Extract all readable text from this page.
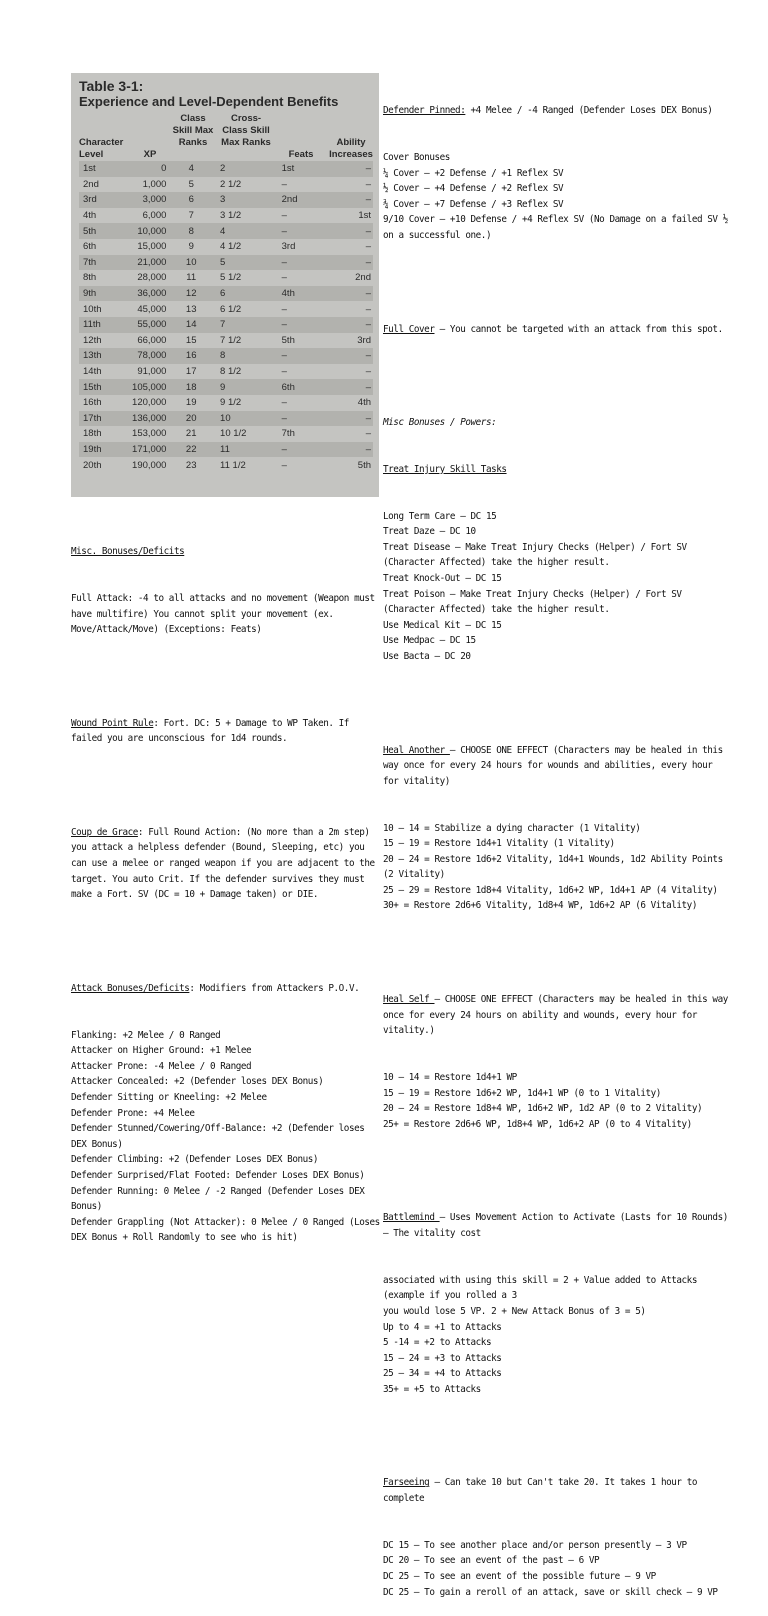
Table 3-1:
Experience and Level-Dependent Benefits
Character Level	XP
Class Skill Max Ranks
Cross-Class Skill Max Ranks
Feats
Ability Increases
1st	0	4	2	1st	–
2nd	1,000	5	2 1/2	–	–
3rd	3,000	6	3	2nd	–
4th	6,000	7	3 1/2	–	1st
5th	10,000	8	4	–	–
6th	15,000	9	4 1/2	3rd	–
7th	21,000	10	5	–	–
8th	28,000	11	5 1/2	–	2nd
9th	36,000	12	6	4th	–
10th	45,000	13	6 1/2	–	–
11th	55,000	14	7	–	–
12th	66,000	15	7 1/2	5th	3rd
13th	78,000	16	8	–	–
14th	91,000	17	8 1/2	–	–
15th	105,000	18	9	6th	–
16th	120,000	19	9 1/2	–	4th
17th	136,000	20	10	–	–
18th	153,000	21	10 1/2	7th	–
19th	171,000	22	11	–	–
20th	190,000	23	11 1/2	–	5th

Misc. Bonuses/Deficits

Full Attack: -4 to all attacks and no movement (Weapon must have multifire) You cannot split your movement (ex. Move/Attack/Move) (Exceptions: Feats)

Wound Point Rule: Fort. DC: 5 + Damage to WP Taken. If failed you are unconscious for 1d4 rounds.

Coup de Grace: Full Round Action: (No more than a 2m step) you attack a helpless defender (Bound, Sleeping, etc) you can use a melee or ranged weapon if you are adjacent to the target. You auto Crit. If the defender survives they must make a Fort. SV (DC = 10 + Damage taken) or DIE.

Attack Bonuses/Deficits: Modifiers from Attackers P.O.V.

Flanking: +2 Melee / 0 Ranged

Attacker on Higher Ground: +1 Melee

Attacker Prone: -4 Melee / 0 Ranged

Attacker Concealed: +2 (Defender loses DEX Bonus)

Defender Sitting or Kneeling: +2 Melee

Defender Prone: +4 Melee

Defender Stunned/Cowering/Off-Balance: +2 (Defender loses DEX Bonus)

Defender Climbing: +2 (Defender Loses DEX Bonus)

Defender Surprised/Flat Footed: Defender Loses DEX Bonus)

Defender Running: 0 Melee / -2 Ranged (Defender Loses DEX Bonus)

Defender Grappling (Not Attacker): 0 Melee / 0 Ranged (Loses DEX Bonus + Roll Randomly to see who is hit)

Defender Pinned: +4 Melee / -4 Ranged (Defender Loses DEX Bonus)

Cover Bonuses

¼ Cover – +2 Defense / +1 Reflex SV

½ Cover – +4 Defense / +2 Reflex SV

¾ Cover – +7 Defense / +3 Reflex SV

9/10 Cover – +10 Defense / +4 Reflex SV (No Damage on a failed SV ½ on a successful one.)

Full Cover – You cannot be targeted with an attack from this spot.

Misc Bonuses / Powers:

Treat Injury Skill Tasks

Long Term Care – DC 15

Treat Daze – DC 10

Treat Disease – Make Treat Injury Checks (Helper) / Fort SV (Character Affected) take the higher result.

Treat Knock-Out – DC 15

Treat Poison – Make Treat Injury Checks (Helper) / Fort SV (Character Affected) take the higher result.

Use Medical Kit – DC 15

Use Medpac – DC 15

Use Bacta – DC 20

Heal Another – CHOOSE ONE EFFECT (Characters may be healed in this way once for every 24 hours for wounds and abilities, every hour for vitality)

10 – 14 = Stabilize a dying character (1 Vitality)

15 – 19 = Restore 1d4+1 Vitality (1 Vitality)

20 – 24 = Restore 1d6+2 Vitality, 1d4+1 Wounds, 1d2 Ability Points (2 Vitality)

25 – 29 = Restore 1d8+4 Vitality, 1d6+2 WP, 1d4+1 AP (4 Vitality)

30+ = Restore 2d6+6 Vitality, 1d8+4 WP, 1d6+2 AP (6 Vitality)

Heal Self – CHOOSE ONE EFFECT (Characters may be healed in this way once for every 24 hours on ability and wounds, every hour for vitality.)

10 – 14 = Restore 1d4+1 WP

15 – 19 = Restore 1d6+2 WP, 1d4+1 WP (0 to 1 Vitality)

20 – 24 = Restore 1d8+4 WP, 1d6+2 WP, 1d2 AP (0 to 2 Vitality)

25+ = Restore 2d6+6 WP, 1d8+4 WP, 1d6+2 AP (0 to 4 Vitality)

Battlemind – Uses Movement Action to Activate (Lasts for 10 Rounds) – The vitality cost

associated with using this skill = 2 + Value added to Attacks (example if you rolled a 3

you would lose 5 VP. 2 + New Attack Bonus of 3 = 5)

Up to 4 = +1 to Attacks

5 -14 = +2 to Attacks

15 – 24 = +3 to Attacks

25 – 34 = +4 to Attacks

35+ = +5 to Attacks

Farseeing – Can take 10 but Can't take 20. It takes 1 hour to complete

DC 15 – To see another place and/or person presently – 3 VP

DC 20 – To see an event of the past – 6 VP

DC 25 – To see an event of the possible future – 9 VP

DC 25 – To gain a reroll of an attack, save or skill check – 9 VP
